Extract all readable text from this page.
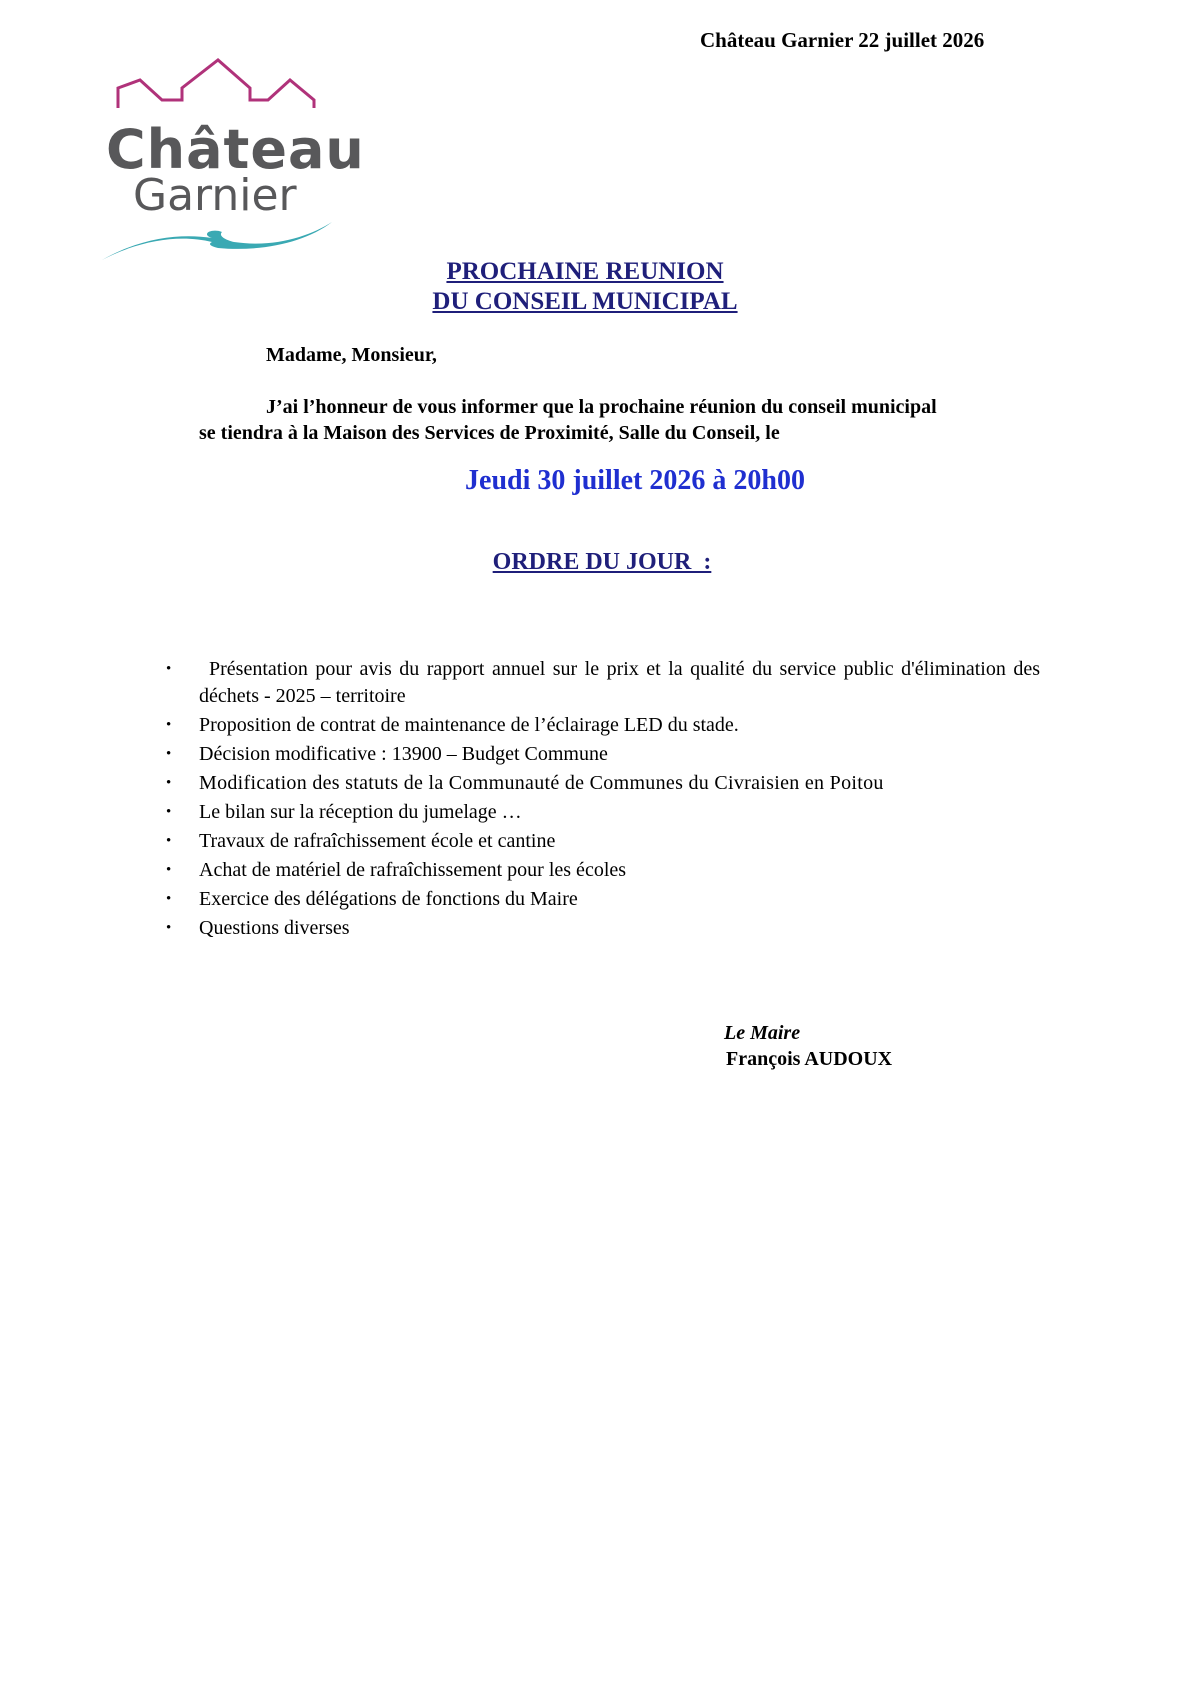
Château Garnier 22 juillet 2026
Château
Garnier
PROCHAINE REUNION
DU CONSEIL MUNICIPAL
Madame, Monsieur,
J’ai l’honneur de vous informer que la prochaine réunion du conseil municipal
se tiendra à la Maison des Services de Proximité, Salle du Conseil, le
Jeudi 30 juillet 2026 à 20h00
ORDRE DU JOUR  :
•	Présentation pour avis du rapport annuel sur le prix et la qualité du service public d'élimination des déchets - 2025 – territoire
• Proposition de contrat de maintenance de l’éclairage LED du stade.
• Décision modificative : 13900 – Budget Commune
• Modification des statuts de la Communauté de Communes du Civraisien en Poitou
• Le bilan sur la réception du jumelage …
• Travaux de rafraîchissement école et cantine
• Achat de matériel de rafraîchissement pour les écoles
• Exercice des délégations de fonctions du Maire
• Questions diverses
Le Maire
François AUDOUX
